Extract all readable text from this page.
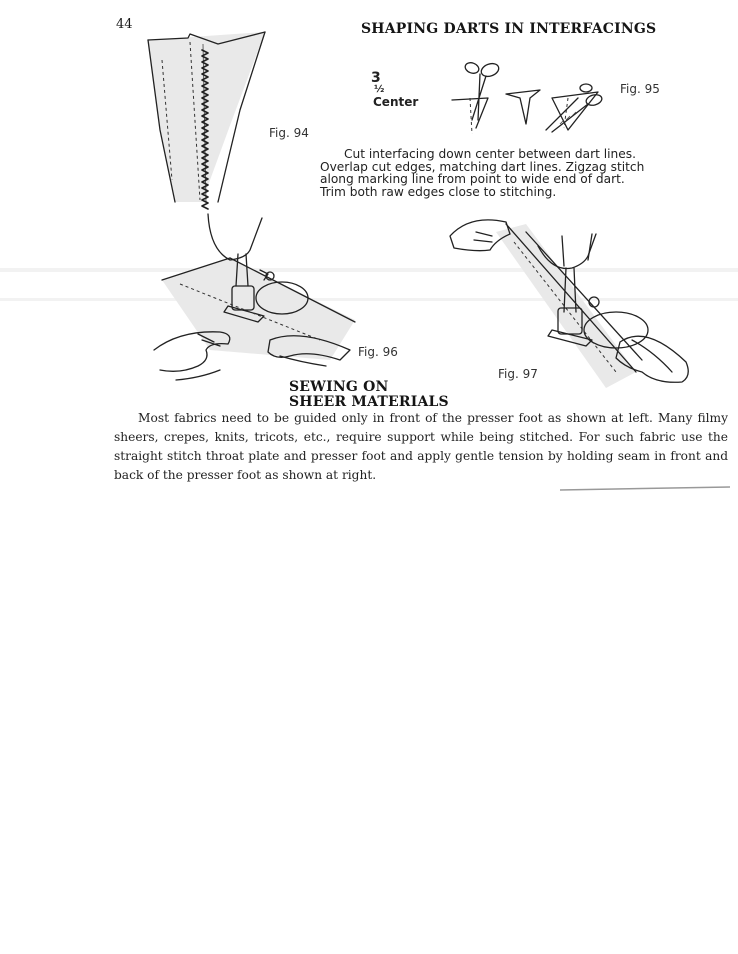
44	SHAPING DARTS IN INTERFACINGS
Fig. 94
3
½
Center
Fig. 95
Cut interfacing down center between dart lines.
Overlap cut edges, matching dart lines. Zigzag stitch
along marking line from point to wide end of dart.
Trim both raw edges close to stitching.
Fig. 96
Fig. 97
SEWING ON
SHEER MATERIALS
Most fabrics need to be guided only in front of the presser foot as shown at left. Many filmy sheers, crepes, knits, tricots, etc., require support while being stitched. For such fabric use the straight stitch throat plate and presser foot and apply gentle tension by holding seam in front and back of the presser foot as shown at right.
